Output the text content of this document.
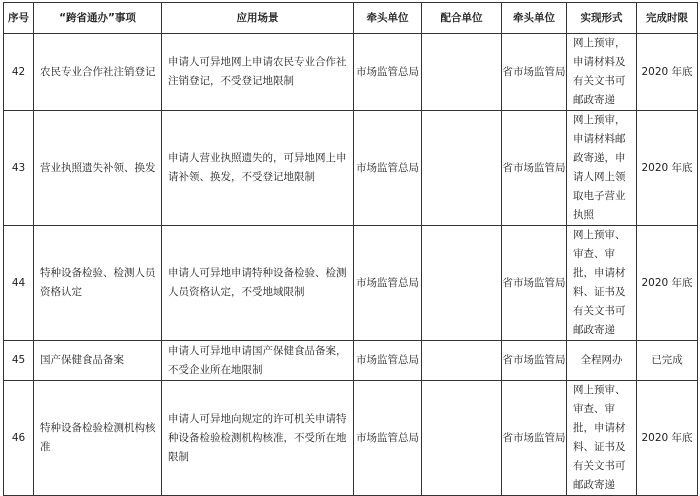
序号	“跨省通办”事项	应用场景	牵头单位	配合单位	牵头单位	实现形式	完成时限
42	农民专业合作社注销登记	申请人可异地网上申请农民专业合作社注销登记，不受登记地限制	市场监管总局		省市场监管局	网上预审，申请材料及有关文书可邮政寄递	2020 年底
43	营业执照遗失补领、换发	申请人营业执照遗失的，可异地网上申请补领、换发，不受登记地限制	市场监管总局		省市场监管局	网上预审，申请材料邮政寄递，申请人网上领取电子营业执照	2020 年底
44	特种设备检验、检测人员资格认定	申请人可异地申请特种设备检验、检测人员资格认定，不受地域限制	市场监管总局		省市场监管局	网上预审、审查、审批，申请材料、证书及有关文书可邮政寄递	2020 年底
45	国产保健食品备案	申请人可异地申请国产保健食品备案，不受企业所在地限制	市场监管总局		省市场监管局	全程网办	已完成
46	特种设备检验检测机构核准	申请人可异地向规定的许可机关申请特种设备检验检测机构核准，不受所在地限制	市场监管总局		省市场监管局	网上预审、审查、审批，申请材料、证书及有关文书可邮政寄递	2020 年底
